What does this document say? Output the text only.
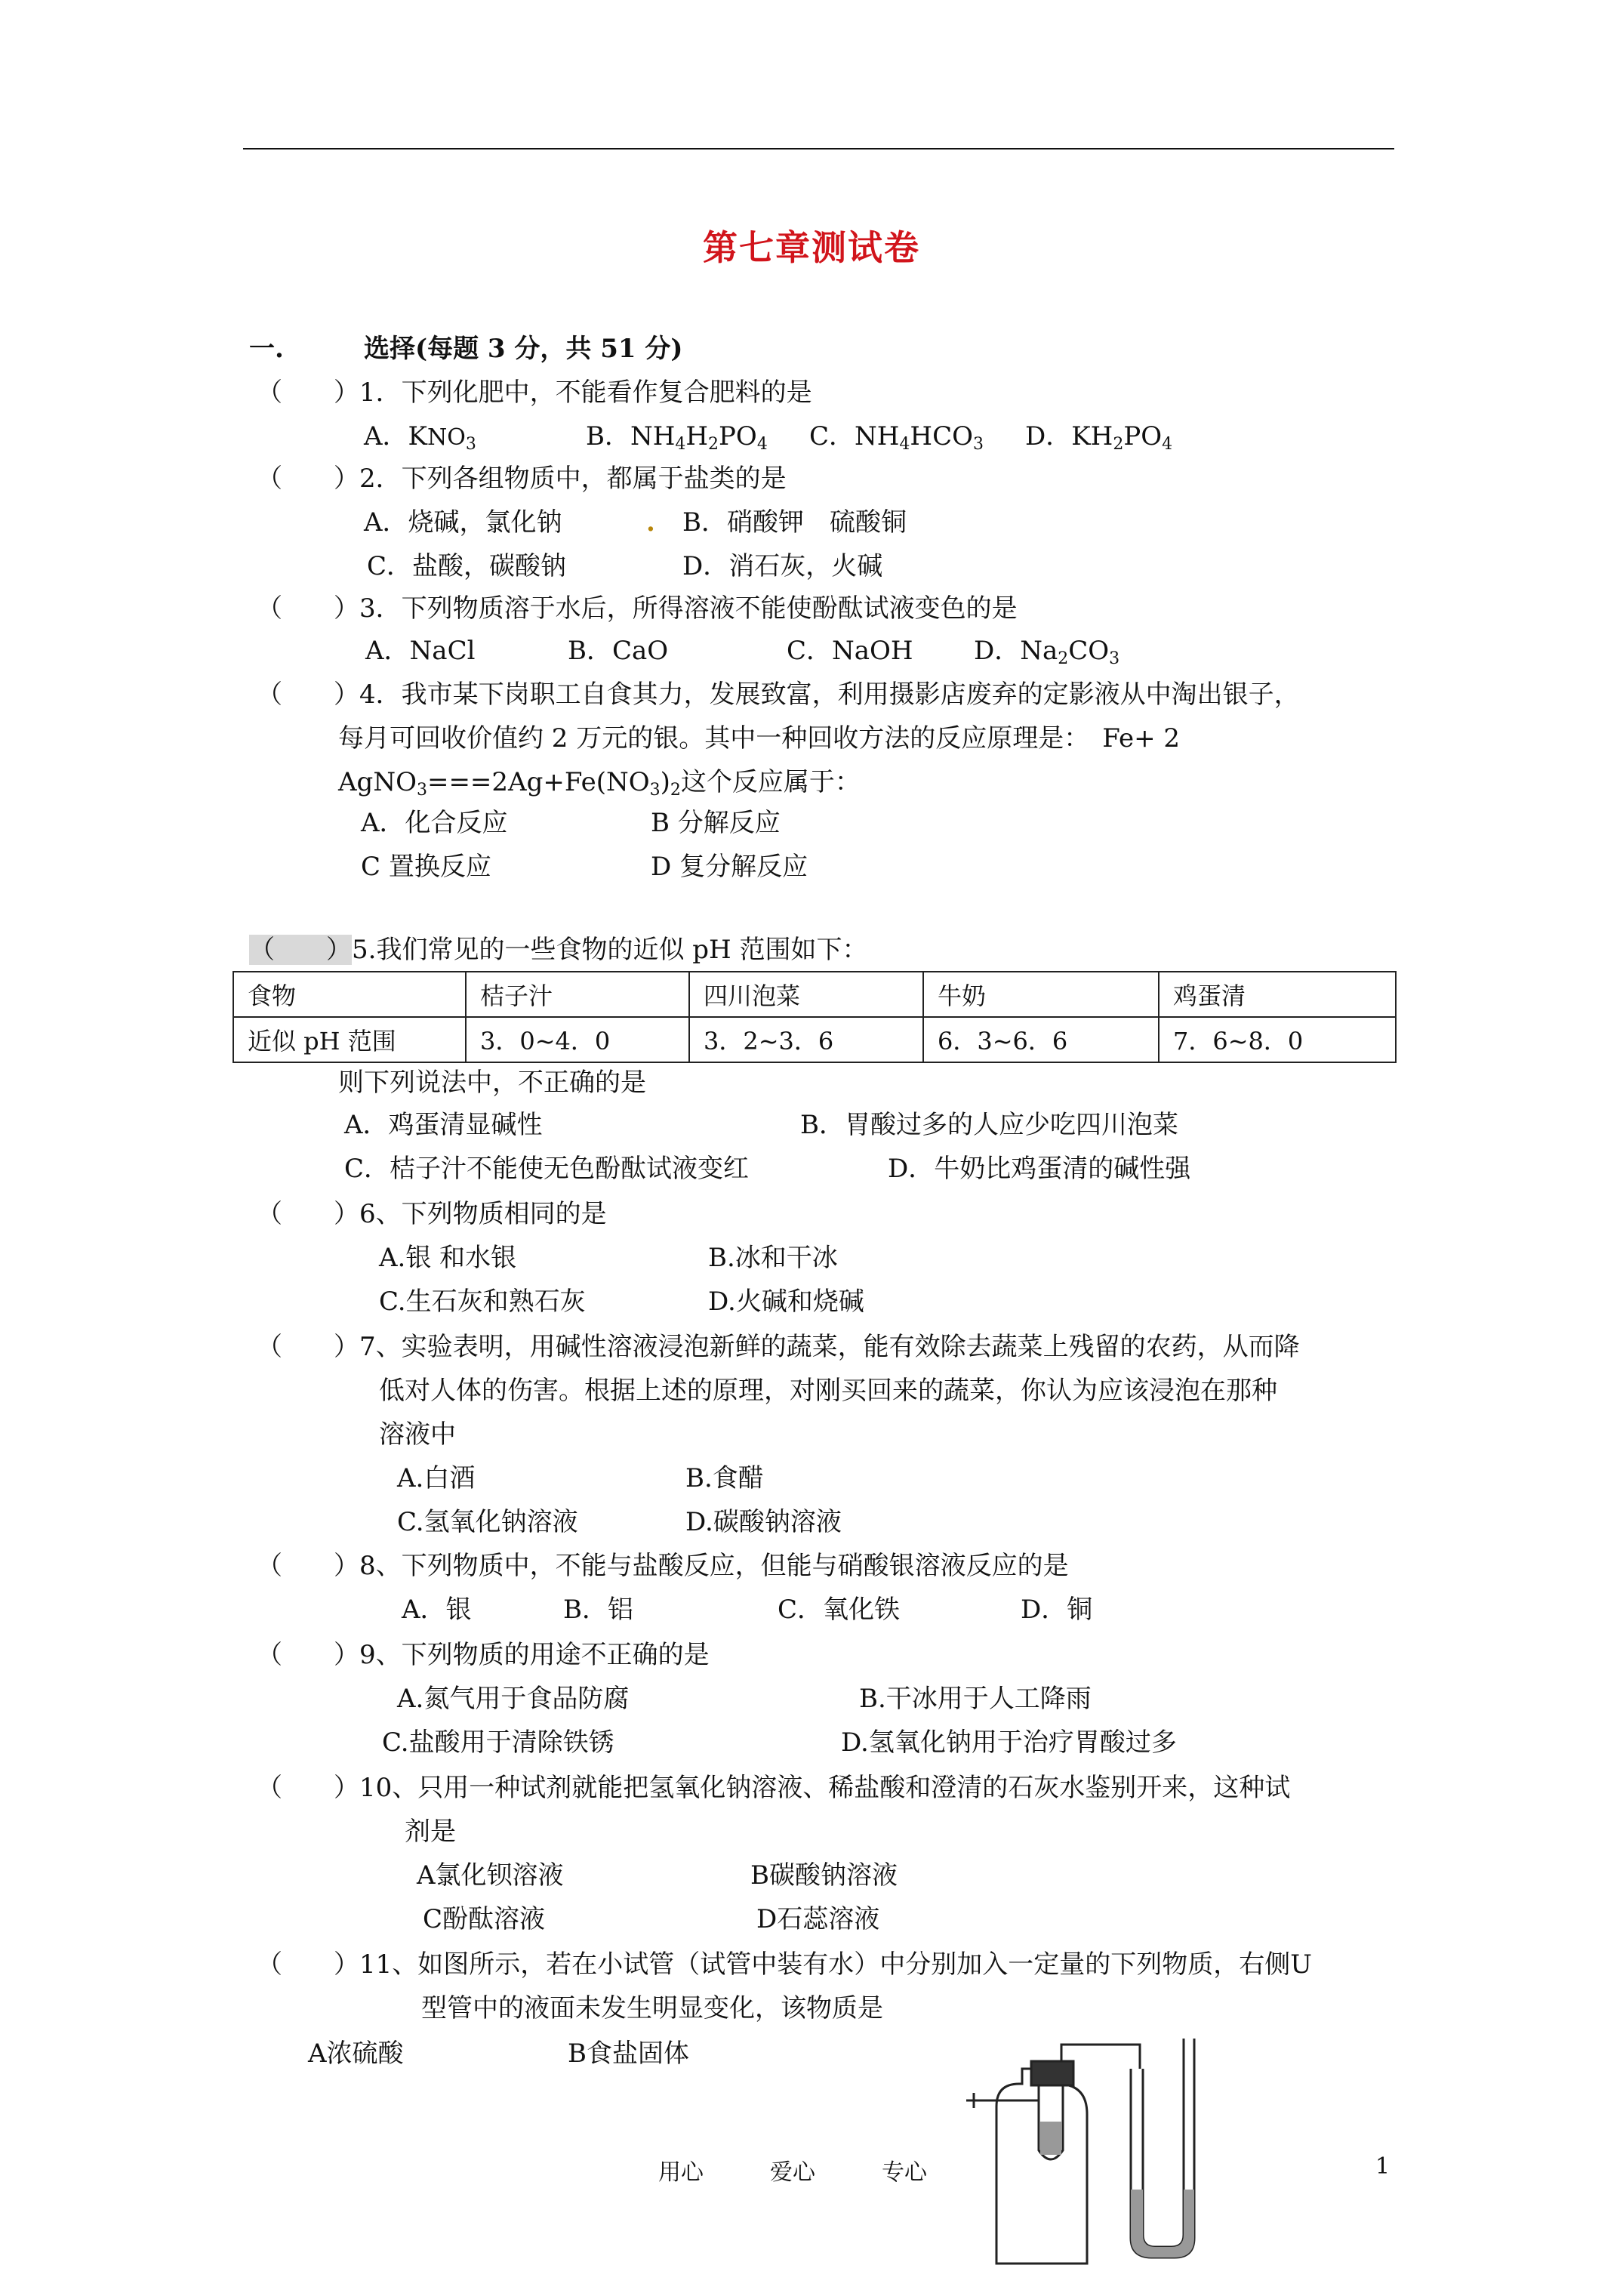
第七章测试卷
一.	选择(每题 3 分，共 51 分)
（　　）1．下列化肥中，不能看作复合肥料的是
A．$KNO_3$	B．$NH_4H_2PO_4$ C．$NH_4HCO_3$ D．$KH_2PO_4$
（　　）2．下列各组物质中，都属于盐类的是
A．烧碱，氯化钠	. B．硝酸钾　硫酸铜
C．盐酸，碳酸钠	D．消石灰，火碱
（　　）3．下列物质溶于水后，所得溶液不能使酚酞试液变色的是
A．NaCl	B．CaO	C．NaOH D．$Na_2CO_3$
（　　）4．我市某下岗职工自食其力，发展致富，利用摄影店废弃的定影液从中淘出银子，
每月可回收价值约 2 万元的银。其中一种回收方法的反应原理是：　Fe+ 2
$AgNO_3===2Ag+Fe(NO_3)_2$这个反应属于：
A．化合反应	B 分解反应
C 置换反应	D 复分解反应
（　　）5.我们常见的一些食物的近似 pH 范围如下：
食物	桔子汁	四川泡菜	牛奶	鸡蛋清
近似 pH 范围	3．0~4．0	3．2~3．6	6．3~6．6	7．6~8．0
则下列说法中，不正确的是
A．鸡蛋清显碱性	B．胃酸过多的人应少吃四川泡菜
C．桔子汁不能使无色酚酞试液变红	D．牛奶比鸡蛋清的碱性强
（　　）6、下列物质相同的是
A.银 和水银	B.冰和干冰
C.生石灰和熟石灰	D.火碱和烧碱
（　　）7、实验表明，用碱性溶液浸泡新鲜的蔬菜，能有效除去蔬菜上残留的农药，从而降
低对人体的伤害。根据上述的原理，对刚买回来的蔬菜，你认为应该浸泡在那种
溶液中
A.白酒	B.食醋
C.氢氧化钠溶液	D.碳酸钠溶液
（　　）8、下列物质中，不能与盐酸反应，但能与硝酸银溶液反应的是
A．银	B．铝	C．氧化铁	D．铜
（　　）9、下列物质的用途不正确的是
A.氮气用于食品防腐	B.干冰用于人工降雨
C.盐酸用于清除铁锈	D.氢氧化钠用于治疗胃酸过多
（　　）10、只用一种试剂就能把氢氧化钠溶液、稀盐酸和澄清的石灰水鉴别开来，这种试
剂是
A氯化钡溶液	B碳酸钠溶液
C酚酞溶液	D石蕊溶液
（　　）11、如图所示，若在小试管（试管中装有水）中分别加入一定量的下列物质，右侧U
型管中的液面未发生明显变化，该物质是
A浓硫酸	B食盐固体
用心	爱心	专心	1
